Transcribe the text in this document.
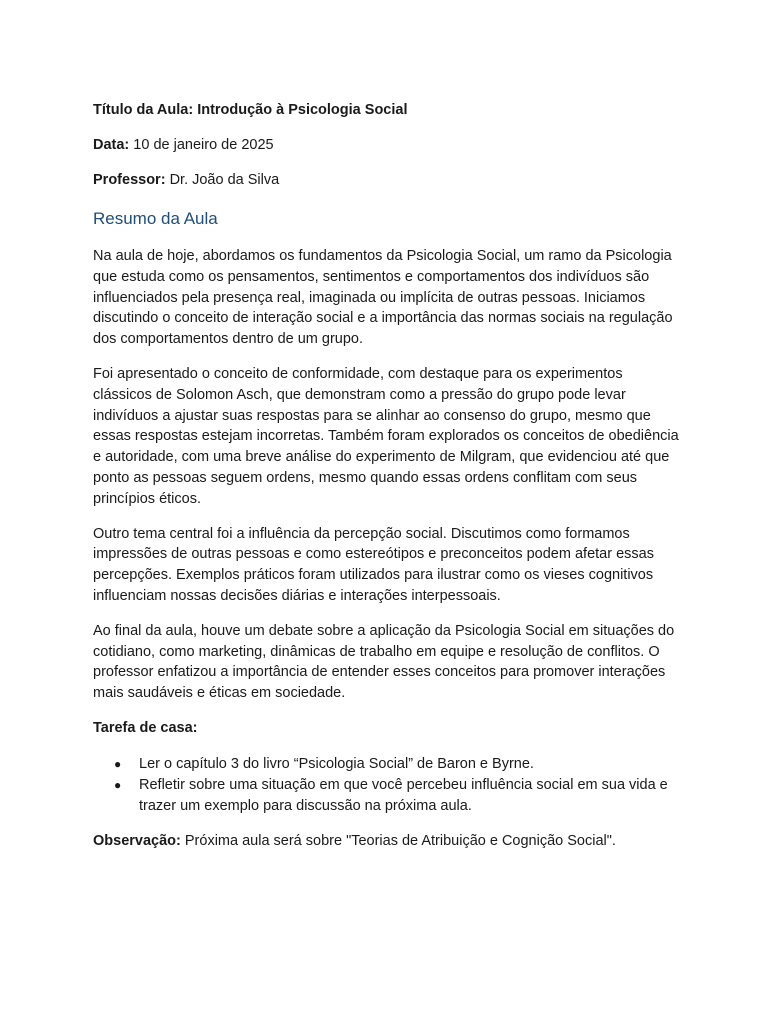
Título da Aula: Introdução à Psicologia Social

Data: 10 de janeiro de 2025

Professor: Dr. João da Silva

Resumo da Aula

Na aula de hoje, abordamos os fundamentos da Psicologia Social, um ramo da Psicologia que estuda como os pensamentos, sentimentos e comportamentos dos indivíduos são influenciados pela presença real, imaginada ou implícita de outras pessoas. Iniciamos discutindo o conceito de interação social e a importância das normas sociais na regulação dos comportamentos dentro de um grupo.

Foi apresentado o conceito de conformidade, com destaque para os experimentos clássicos de Solomon Asch, que demonstram como a pressão do grupo pode levar indivíduos a ajustar suas respostas para se alinhar ao consenso do grupo, mesmo que essas respostas estejam incorretas. Também foram explorados os conceitos de obediência e autoridade, com uma breve análise do experimento de Milgram, que evidenciou até que ponto as pessoas seguem ordens, mesmo quando essas ordens conflitam com seus princípios éticos.

Outro tema central foi a influência da percepção social. Discutimos como formamos impressões de outras pessoas e como estereótipos e preconceitos podem afetar essas percepções. Exemplos práticos foram utilizados para ilustrar como os vieses cognitivos influenciam nossas decisões diárias e interações interpessoais.

Ao final da aula, houve um debate sobre a aplicação da Psicologia Social em situações do cotidiano, como marketing, dinâmicas de trabalho em equipe e resolução de conflitos. O professor enfatizou a importância de entender esses conceitos para promover interações mais saudáveis e éticas em sociedade.

Tarefa de casa:

● Ler o capítulo 3 do livro “Psicologia Social” de Baron e Byrne.
● Refletir sobre uma situação em que você percebeu influência social em sua vida e trazer um exemplo para discussão na próxima aula.

Observação: Próxima aula será sobre "Teorias de Atribuição e Cognição Social".
